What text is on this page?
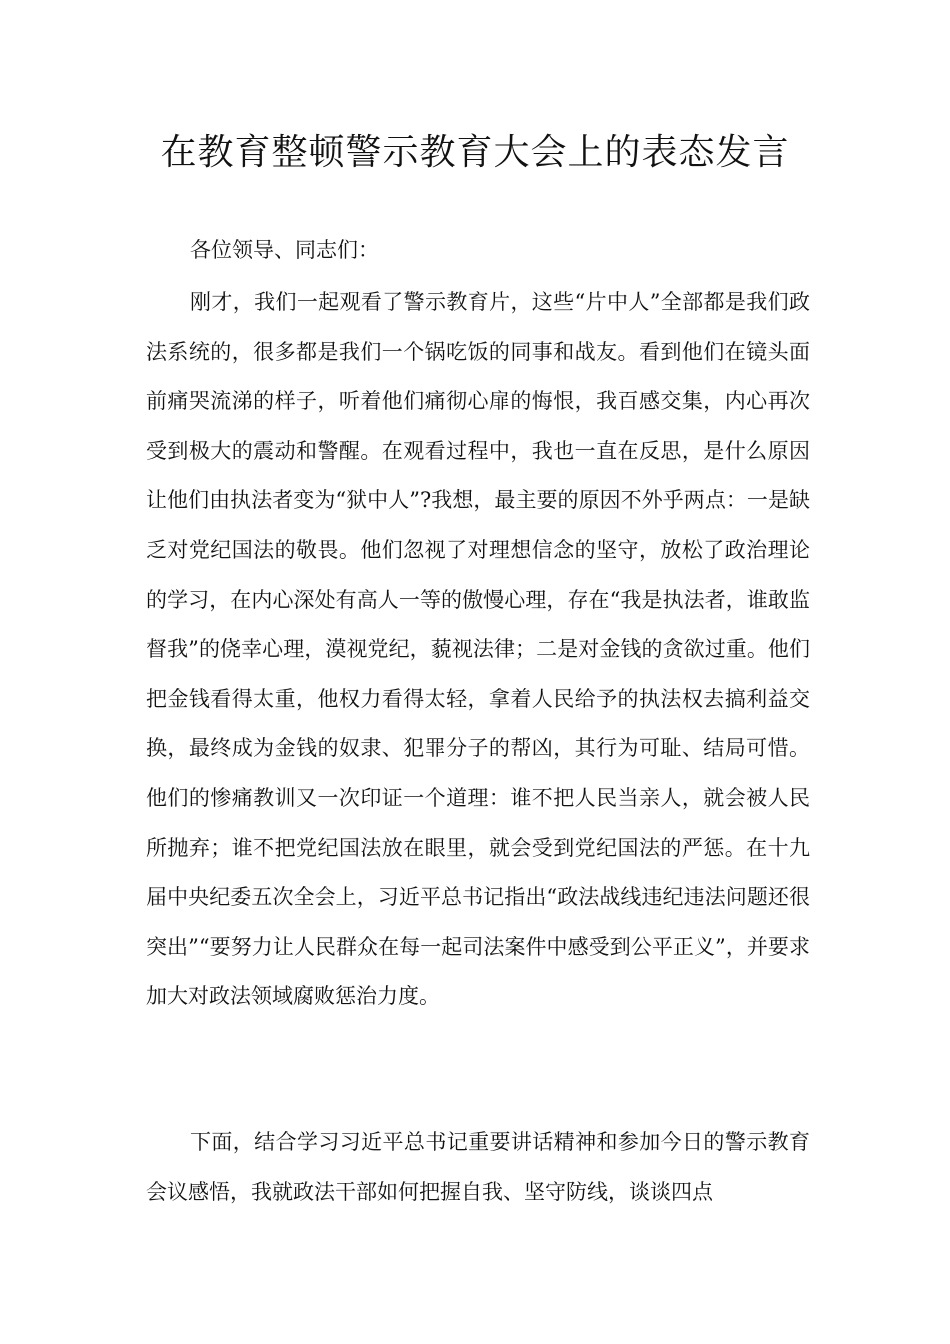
在教育整顿警示教育大会上的表态发言

各位领导、同志们：

刚才，我们一起观看了警示教育片，这些“片中人”全部都是我们政法系统的，很多都是我们一个锅吃饭的同事和战友。看到他们在镜头面前痛哭流涕的样子，听着他们痛彻心扉的悔恨，我百感交集，内心再次受到极大的震动和警醒。在观看过程中，我也一直在反思，是什么原因让他们由执法者变为“狱中人”?我想，最主要的原因不外乎两点：一是缺乏对党纪国法的敬畏。他们忽视了对理想信念的坚守，放松了政治理论的学习，在内心深处有高人一等的傲慢心理，存在“我是执法者，谁敢监督我”的侥幸心理，漠视党纪，藐视法律；二是对金钱的贪欲过重。他们把金钱看得太重，他权力看得太轻，拿着人民给予的执法权去搞利益交换，最终成为金钱的奴隶、犯罪分子的帮凶，其行为可耻、结局可惜。他们的惨痛教训又一次印证一个道理：谁不把人民当亲人，就会被人民所抛弃；谁不把党纪国法放在眼里，就会受到党纪国法的严惩。在十九届中央纪委五次全会上，习近平总书记指出“政法战线违纪违法问题还很突出”“要努力让人民群众在每一起司法案件中感受到公平正义”，并要求加大对政法领域腐败惩治力度。

下面，结合学习习近平总书记重要讲话精神和参加今日的警示教育会议感悟，我就政法干部如何把握自我、坚守防线，谈谈四点
